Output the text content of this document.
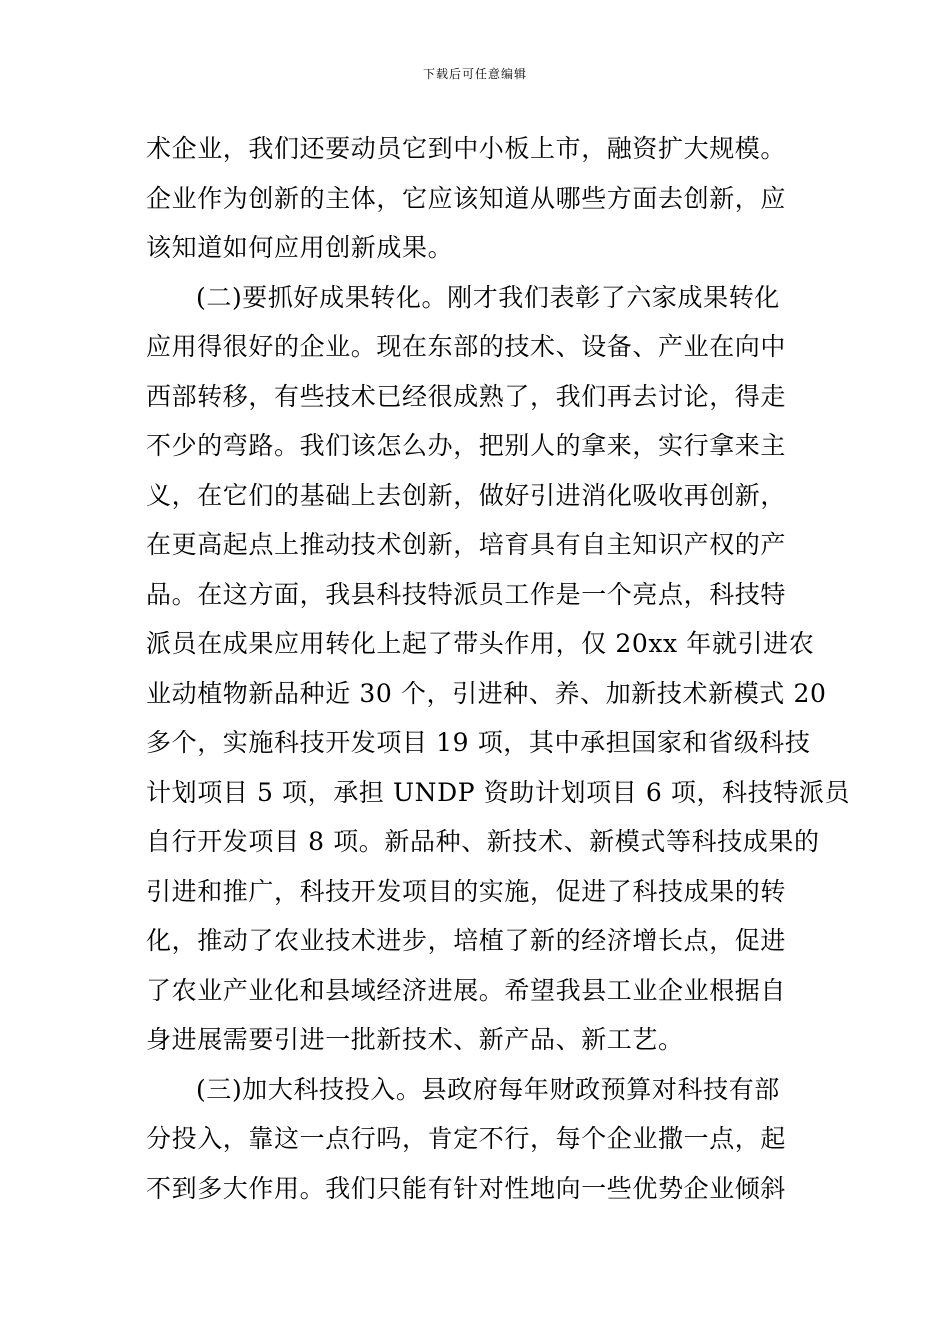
下载后可任意编辑
术企业，我们还要动员它到中小板上市，融资扩大规模。
企业作为创新的主体，它应该知道从哪些方面去创新，应
该知道如何应用创新成果。
(二)要抓好成果转化。刚才我们表彰了六家成果转化
应用得很好的企业。现在东部的技术、设备、产业在向中
西部转移，有些技术已经很成熟了，我们再去讨论，得走
不少的弯路。我们该怎么办，把别人的拿来，实行拿来主
义，在它们的基础上去创新，做好引进消化吸收再创新，
在更高起点上推动技术创新，培育具有自主知识产权的产
品。在这方面，我县科技特派员工作是一个亮点，科技特
派员在成果应用转化上起了带头作用，仅 20xx 年就引进农
业动植物新品种近 30 个，引进种、养、加新技术新模式 20
多个，实施科技开发项目 19 项，其中承担国家和省级科技
计划项目 5 项，承担 UNDP 资助计划项目 6 项，科技特派员
自行开发项目 8 项。新品种、新技术、新模式等科技成果的
引进和推广，科技开发项目的实施，促进了科技成果的转
化，推动了农业技术进步，培植了新的经济增长点，促进
了农业产业化和县域经济进展。希望我县工业企业根据自
身进展需要引进一批新技术、新产品、新工艺。
(三)加大科技投入。县政府每年财政预算对科技有部
分投入，靠这一点行吗，肯定不行，每个企业撒一点，起
不到多大作用。我们只能有针对性地向一些优势企业倾斜
